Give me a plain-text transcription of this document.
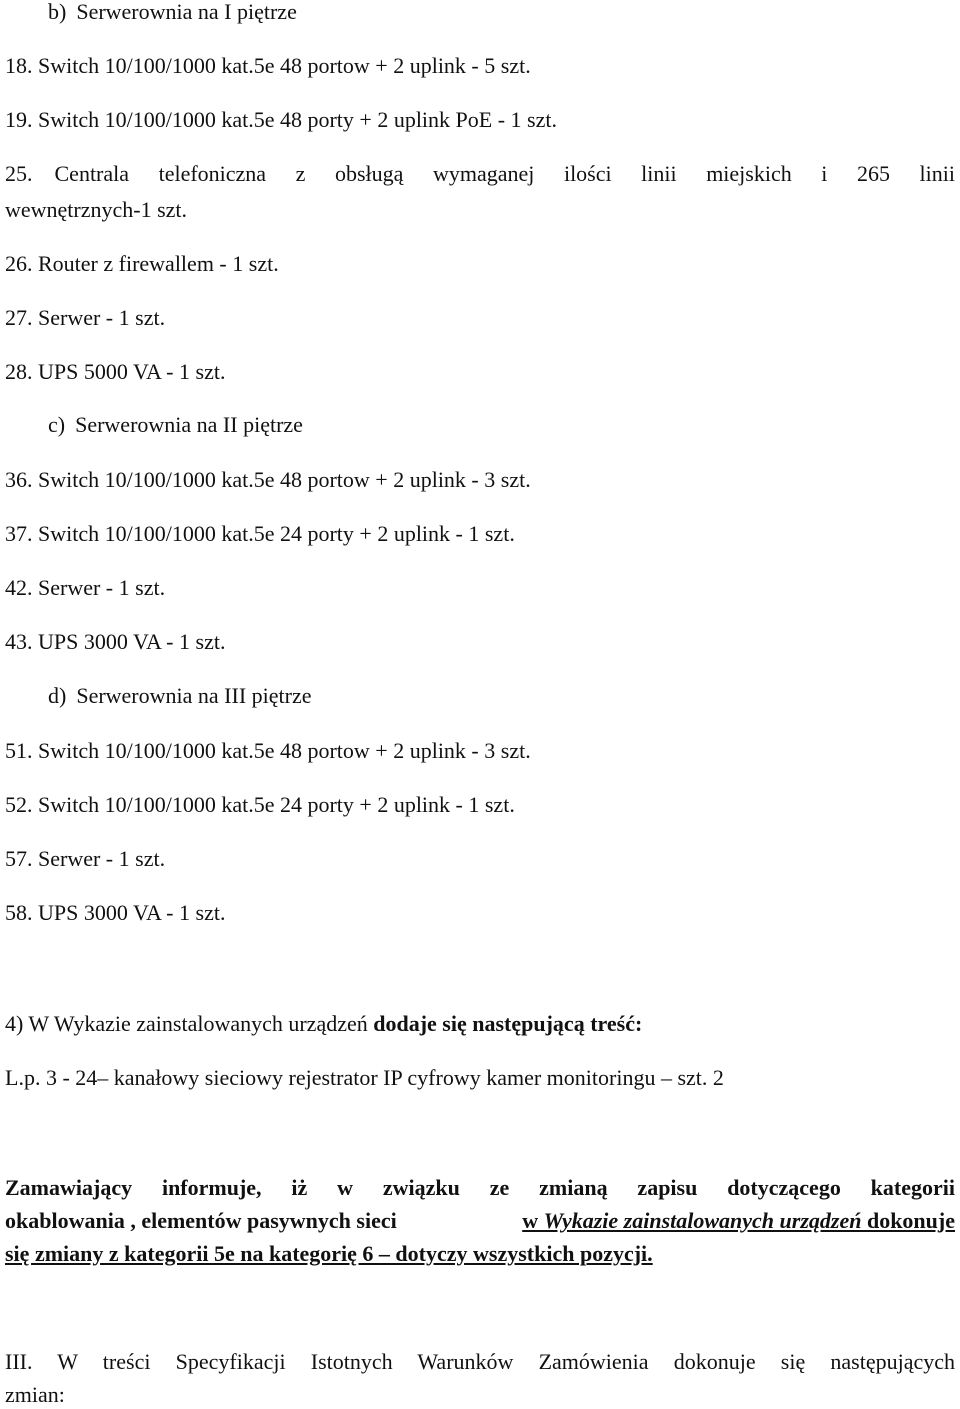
b) Serwerownia na I piętrze
18. Switch 10/100/1000 kat.5e 48 portow + 2 uplink - 5 szt.
19. Switch 10/100/1000 kat.5e 48 porty + 2 uplink PoE - 1 szt.
25. Centrala telefoniczna z obsługą wymaganej ilości linii miejskich i 265 linii
wewnętrznych-1 szt.
26. Router z firewallem - 1 szt.
27. Serwer - 1 szt.
28. UPS 5000 VA - 1 szt.
c) Serwerownia na II piętrze
36. Switch 10/100/1000 kat.5e 48 portow + 2 uplink - 3 szt.
37. Switch 10/100/1000 kat.5e 24 porty + 2 uplink - 1 szt.
42. Serwer - 1 szt.
43. UPS 3000 VA - 1 szt.
d) Serwerownia na III piętrze
51. Switch 10/100/1000 kat.5e 48 portow + 2 uplink - 3 szt.
52. Switch 10/100/1000 kat.5e 24 porty + 2 uplink - 1 szt.
57. Serwer - 1 szt.
58. UPS 3000 VA - 1 szt.
4) W Wykazie zainstalowanych urządzeń dodaje się następującą treść:
L.p. 3 - 24– kanałowy sieciowy rejestrator IP cyfrowy kamer monitoringu – szt. 2
Zamawiający informuje, iż w związku ze zmianą zapisu dotyczącego kategorii
okablowania , elementów pasywnych sieci	w Wykazie zainstalowanych urządzeń dokonuje
się zmiany z kategorii 5e na kategorię 6 – dotyczy wszystkich pozycji.
III. W treści Specyfikacji Istotnych Warunków Zamówienia dokonuje się następujących
zmian:
